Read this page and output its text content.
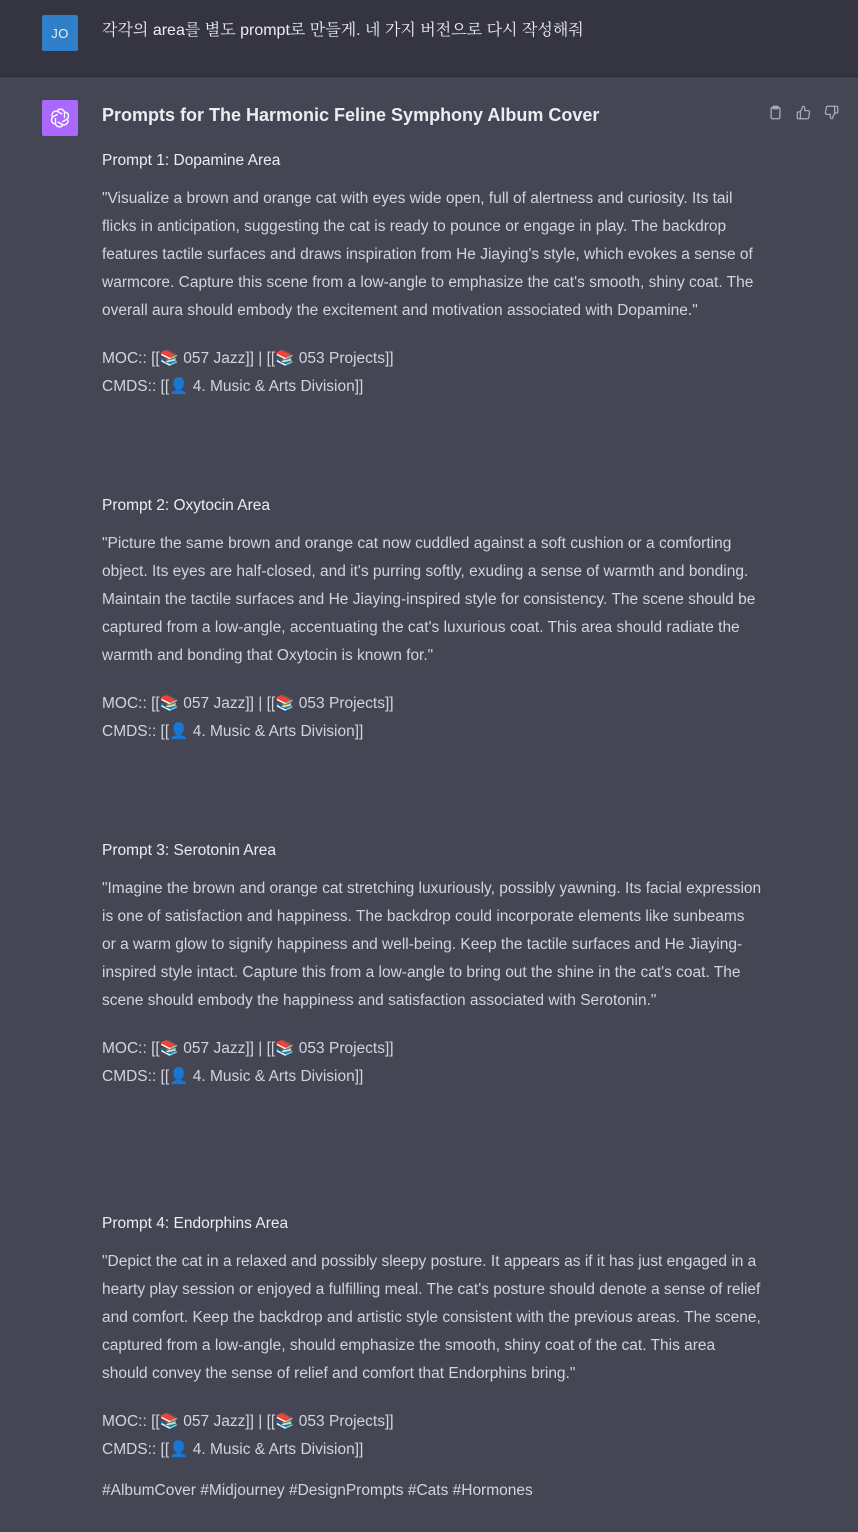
JO	각각의 area를 별도 prompt로 만들게. 네 가지 버전으로 다시 작성해줘
Prompts for The Harmonic Feline Symphony Album Cover

Prompt 1: Dopamine Area

"Visualize a brown and orange cat with eyes wide open, full of alertness and curiosity. Its tail flicks in anticipation, suggesting the cat is ready to pounce or engage in play. The backdrop features tactile surfaces and draws inspiration from He Jiaying's style, which evokes a sense of warmcore. Capture this scene from a low-angle to emphasize the cat's smooth, shiny coat. The overall aura should embody the excitement and motivation associated with Dopamine."
MOC:: [[📚 057 Jazz]] | [[📚 053 Projects]]
CMDS:: [[👤 4. Music & Arts Division]]

Prompt 2: Oxytocin Area

"Picture the same brown and orange cat now cuddled against a soft cushion or a comforting object. Its eyes are half-closed, and it's purring softly, exuding a sense of warmth and bonding. Maintain the tactile surfaces and He Jiaying-inspired style for consistency. The scene should be captured from a low-angle, accentuating the cat's luxurious coat. This area should radiate the warmth and bonding that Oxytocin is known for."
MOC:: [[📚 057 Jazz]] | [[📚 053 Projects]]
CMDS:: [[👤 4. Music & Arts Division]]

Prompt 3: Serotonin Area

"Imagine the brown and orange cat stretching luxuriously, possibly yawning. Its facial expression is one of satisfaction and happiness. The backdrop could incorporate elements like sunbeams or a warm glow to signify happiness and well-being. Keep the tactile surfaces and He Jiaying-inspired style intact. Capture this from a low-angle to bring out the shine in the cat's coat. The scene should embody the happiness and satisfaction associated with Serotonin."
MOC:: [[📚 057 Jazz]] | [[📚 053 Projects]]
CMDS:: [[👤 4. Music & Arts Division]]

Prompt 4: Endorphins Area

"Depict the cat in a relaxed and possibly sleepy posture. It appears as if it has just engaged in a hearty play session or enjoyed a fulfilling meal. The cat's posture should denote a sense of relief and comfort. Keep the backdrop and artistic style consistent with the previous areas. The scene, captured from a low-angle, should emphasize the smooth, shiny coat of the cat. This area should convey the sense of relief and comfort that Endorphins bring."
MOC:: [[📚 057 Jazz]] | [[📚 053 Projects]]
CMDS:: [[👤 4. Music & Arts Division]]
#AlbumCover #Midjourney #DesignPrompts #Cats #Hormones
